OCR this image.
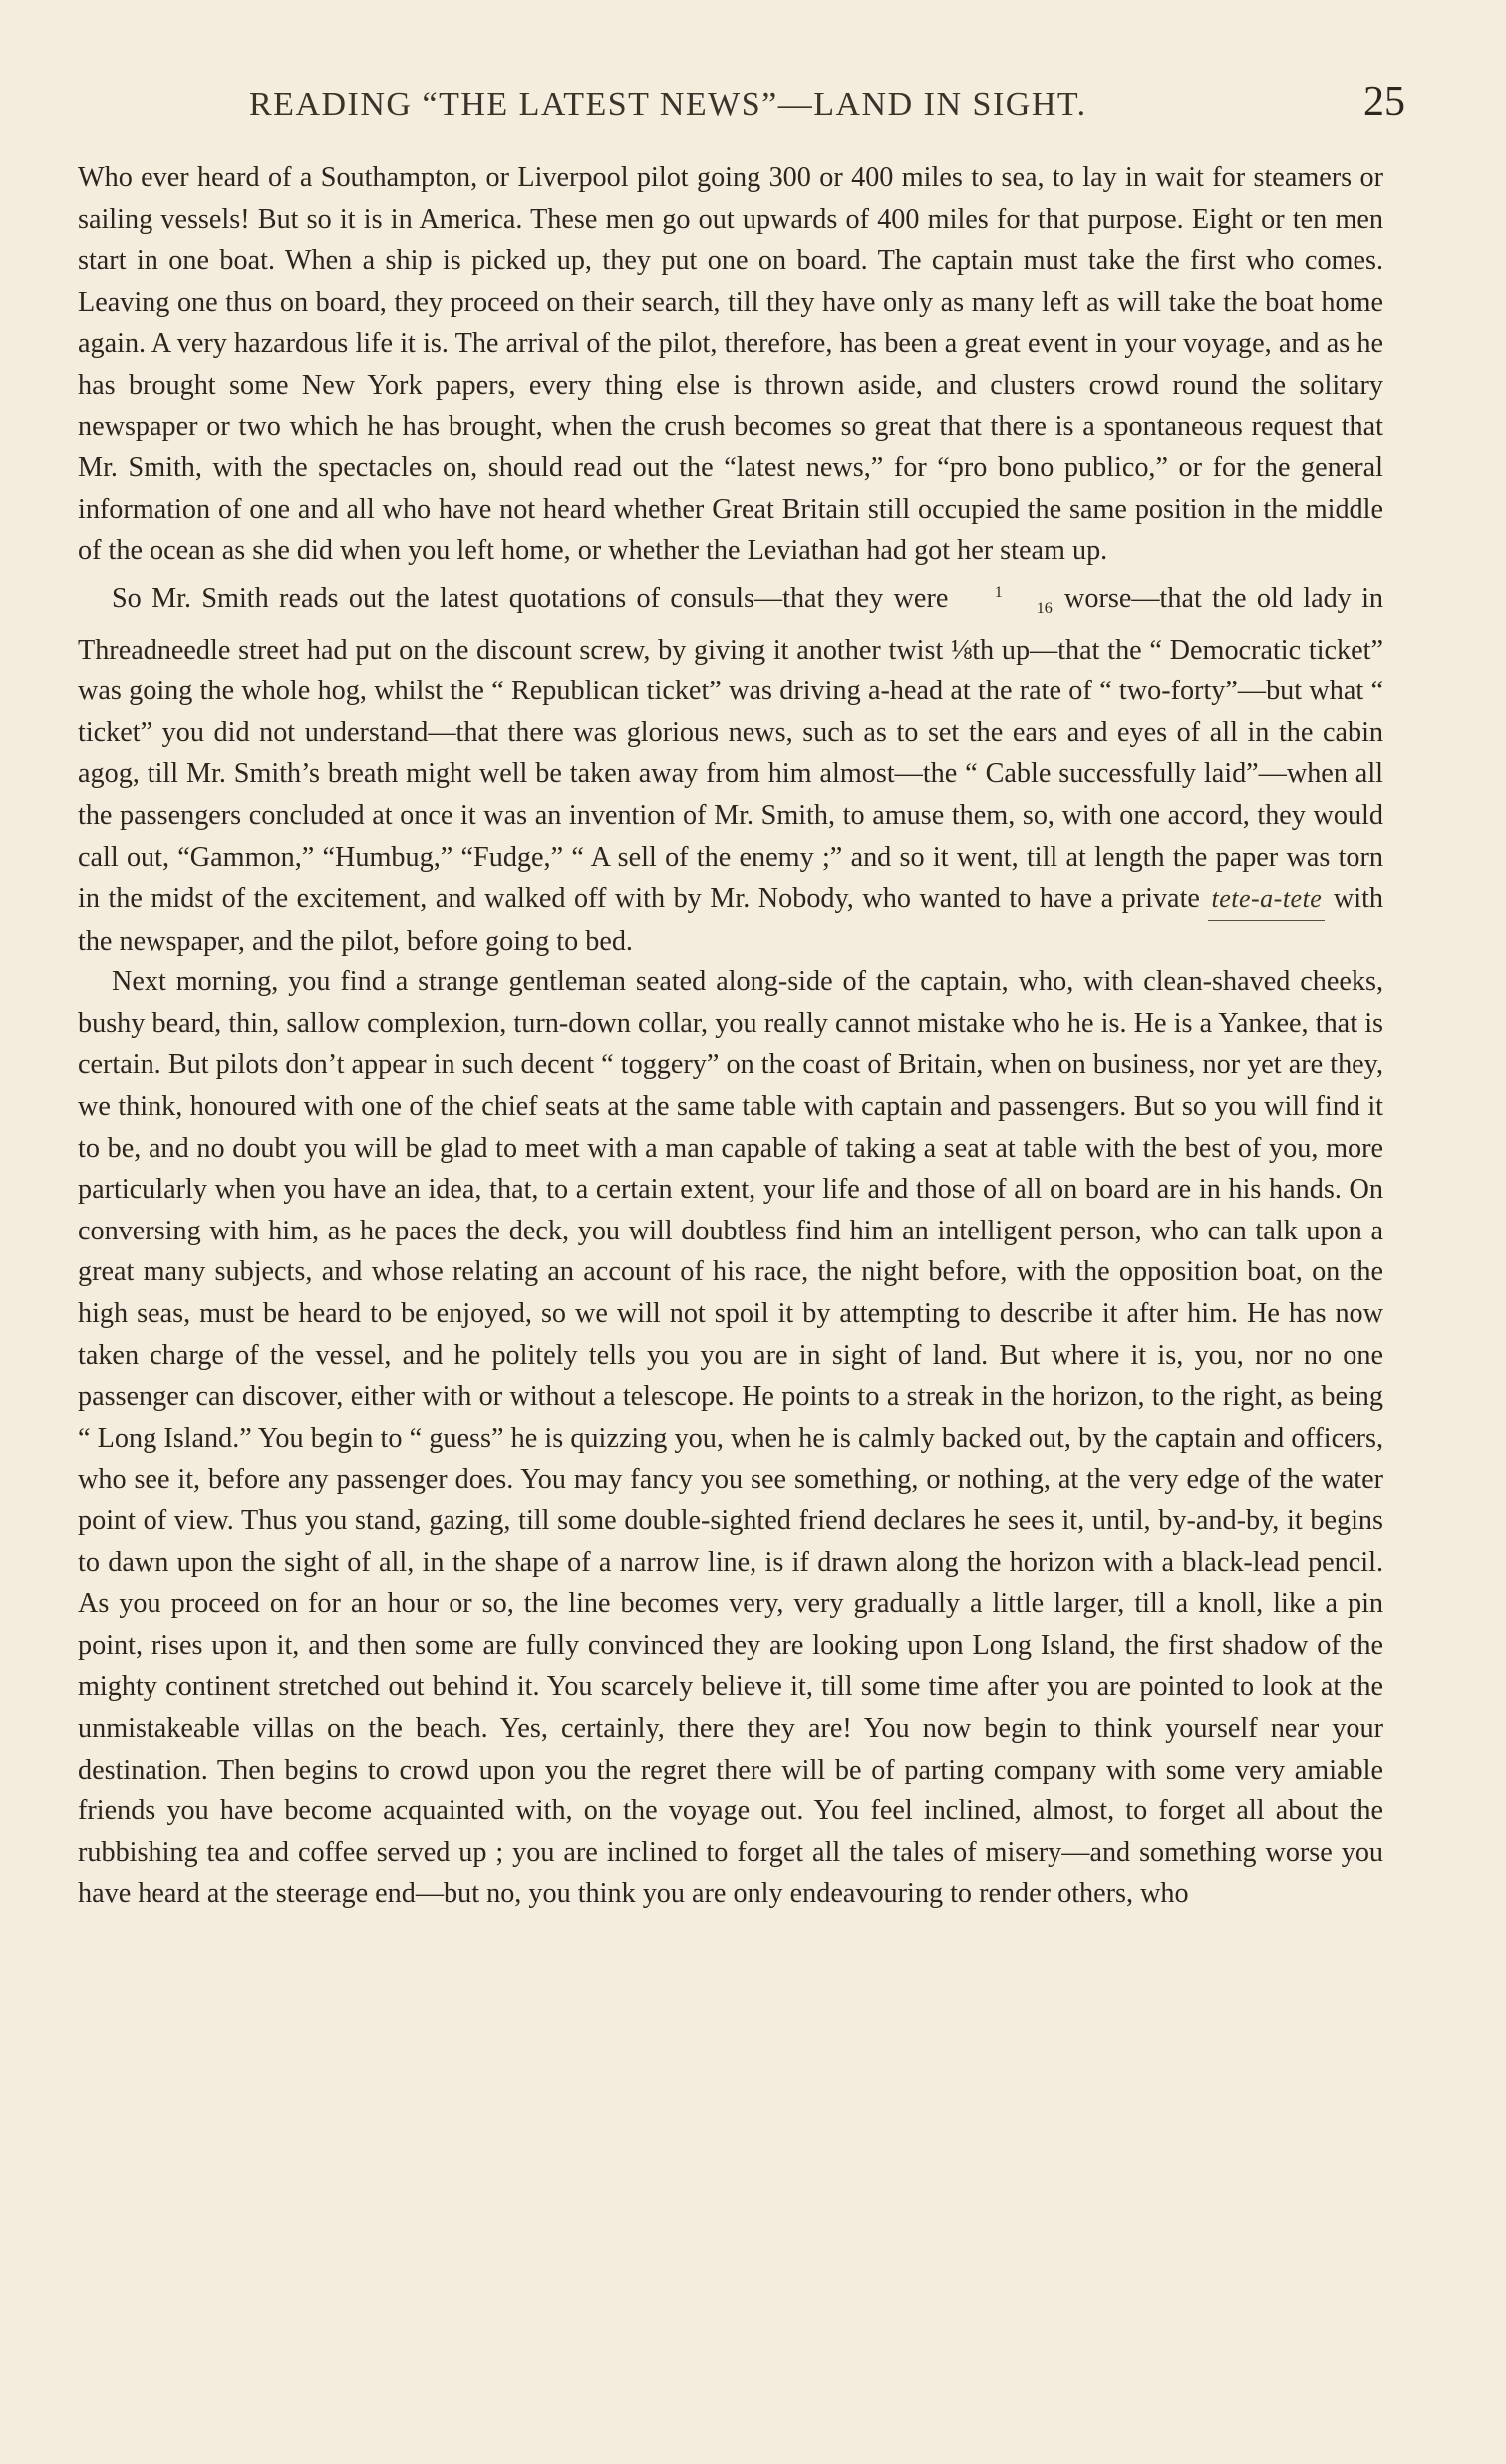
READING “THE LATEST NEWS”—LAND IN SIGHT.	25

Who ever heard of a Southampton, or Liverpool pilot going 300 or 400 miles to sea, to lay in wait for steamers or sailing vessels! But so it is in America. These men go out upwards of 400 miles for that purpose. Eight or ten men start in one boat. When a ship is picked up, they put one on board. The captain must take the first who comes. Leaving one thus on board, they proceed on their search, till they have only as many left as will take the boat home again. A very hazardous life it is. The arrival of the pilot, therefore, has been a great event in your voyage, and as he has brought some New York papers, every thing else is thrown aside, and clusters crowd round the solitary newspaper or two which he has brought, when the crush becomes so great that there is a spontaneous request that Mr. Smith, with the spectacles on, should read out the “latest news,” for “pro bono publico,” or for the general information of one and all who have not heard whether Great Britain still occupied the same position in the middle of the ocean as she did when you left home, or whether the Leviathan had got her steam up.

So Mr. Smith reads out the latest quotations of consuls—that they were	116 worse—that the old lady in Threadneedle street had put on the discount screw, by giving it another twist ⅛th up—that the “ Democratic ticket” was going the whole hog, whilst the “ Republican ticket” was driving a-head at the rate of “ two-forty”—but what “ ticket” you did not understand—that there was glorious news, such as to set the ears and eyes of all in the cabin agog, till Mr. Smith’s breath might well be taken away from him almost—the “ Cable successfully laid”—when all the passengers concluded at once it was an invention of Mr. Smith, to amuse them, so, with one accord, they would call out, “Gammon,” “Humbug,” “Fudge,” “ A sell of the enemy ;” and so it went, till at length the paper was torn in the midst of the excitement, and walked off with by Mr. Nobody, who wanted to have a private tete-a-tete with the newspaper, and the pilot, before going to bed.

Next morning, you find a strange gentleman seated along-side of the captain, who, with clean-shaved cheeks, bushy beard, thin, sallow complexion, turn-down collar, you really cannot mistake who he is. He is a Yankee, that is certain. But pilots don’t appear in such decent “ toggery” on the coast of Britain, when on business, nor yet are they, we think, honoured with one of the chief seats at the same table with captain and passengers. But so you will find it to be, and no doubt you will be glad to meet with a man capable of taking a seat at table with the best of you, more particularly when you have an idea, that, to a certain extent, your life and those of all on board are in his hands. On conversing with him, as he paces the deck, you will doubtless find him an intelligent person, who can talk upon a great many subjects, and whose relating an account of his race, the night before, with the opposition boat, on the high seas, must be heard to be enjoyed, so we will not spoil it by attempting to describe it after him. He has now taken charge of the vessel, and he politely tells you you are in sight of land. But where it is, you, nor no one passenger can discover, either with or without a telescope. He points to a streak in the horizon, to the right, as being “ Long Island.” You begin to “ guess” he is quizzing you, when he is calmly backed out, by the captain and officers, who see it, before any passenger does. You may fancy you see something, or nothing, at the very edge of the water point of view. Thus you stand, gazing, till some double-sighted friend declares he sees it, until, by-and-by, it begins to dawn upon the sight of all, in the shape of a narrow line, is if drawn along the horizon with a black-lead pencil. As you proceed on for an hour or so, the line becomes very, very gradually a little larger, till a knoll, like a pin point, rises upon it, and then some are fully convinced they are looking upon Long Island, the first shadow of the mighty continent stretched out behind it. You scarcely believe it, till some time after you are pointed to look at the unmistakeable villas on the beach. Yes, certainly, there they are! You now begin to think yourself near your destination. Then begins to crowd upon you the regret there will be of parting company with some very amiable friends you have become acquainted with, on the voyage out. You feel inclined, almost, to forget all about the rubbishing tea and coffee served up ; you are inclined to forget all the tales of misery—and something worse you have heard at the steerage end—but no, you think you are only endeavouring to render others, who
